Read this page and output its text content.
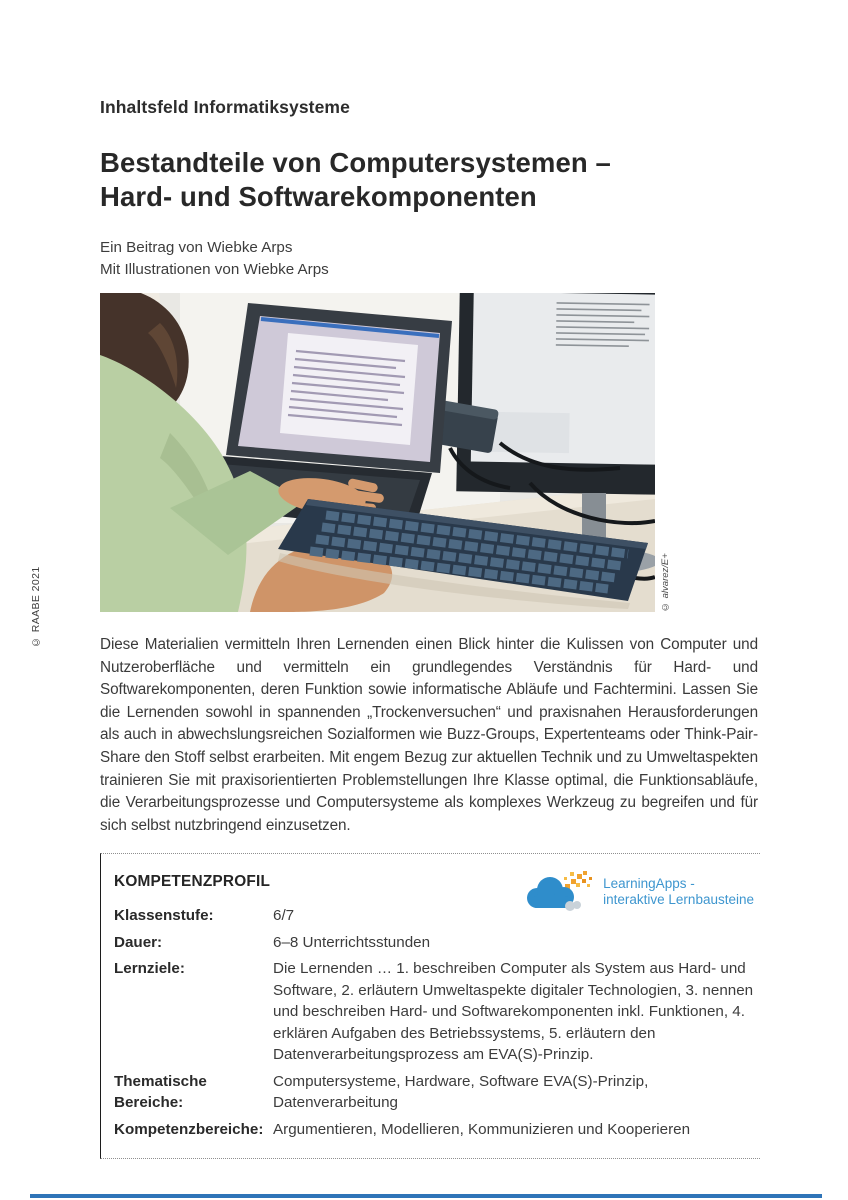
© RAABE 2021
Inhaltsfeld Informatiksysteme
Bestandteile von Computersystemen –
Hard- und Softwarekomponenten

Ein Beitrag von Wiebke Arps
Mit Illustrationen von Wiebke Arps

© alvarez/E+

Diese Materialien vermitteln Ihren Lernenden einen Blick hinter die Kulissen von Computer und Nutzeroberfläche und vermitteln ein grundlegendes Verständnis für Hard- und Softwarekomponenten, deren Funktion sowie informatische Abläufe und Fachtermini. Lassen Sie die Lernenden sowohl in spannenden „Trockenversuchen“ und praxisnahen Herausforderungen als auch in abwechslungsreichen Sozialformen wie Buzz-Groups, Expertenteams oder Think-Pair-Share den Stoff selbst erarbeiten. Mit engem Bezug zur aktuellen Technik und zu Umweltaspekten trainieren Sie mit praxisorientierten Problemstellungen Ihre Klasse optimal, die Funktionsabläufe, die Verarbeitungsprozesse und Computersysteme als komplexes Werkzeug zu begreifen und für sich selbst nutzbringend einzusetzen.

KOMPETENZPROFIL	LearningApps -
interaktive Lernbausteine
Klassenstufe:	6/7
Dauer:	6–8 Unterrichtsstunden
Lernziele:	Die Lernenden … 1. beschreiben Computer als System aus Hard- und Software, 2. erläutern Umweltaspekte digitaler Technologien, 3. nennen und beschreiben Hard- und Softwarekomponenten inkl. Funktionen, 4. erklären Aufgaben des Betriebssystems, 5. erläutern den Datenverarbeitungsprozess am EVA(S)-Prinzip.
Thematische Bereiche:
Computersysteme, Hardware, Software EVA(S)-Prinzip, Datenverarbeitung
Kompetenzbereiche: Argumentieren, Modellieren, Kommunizieren und Kooperieren
